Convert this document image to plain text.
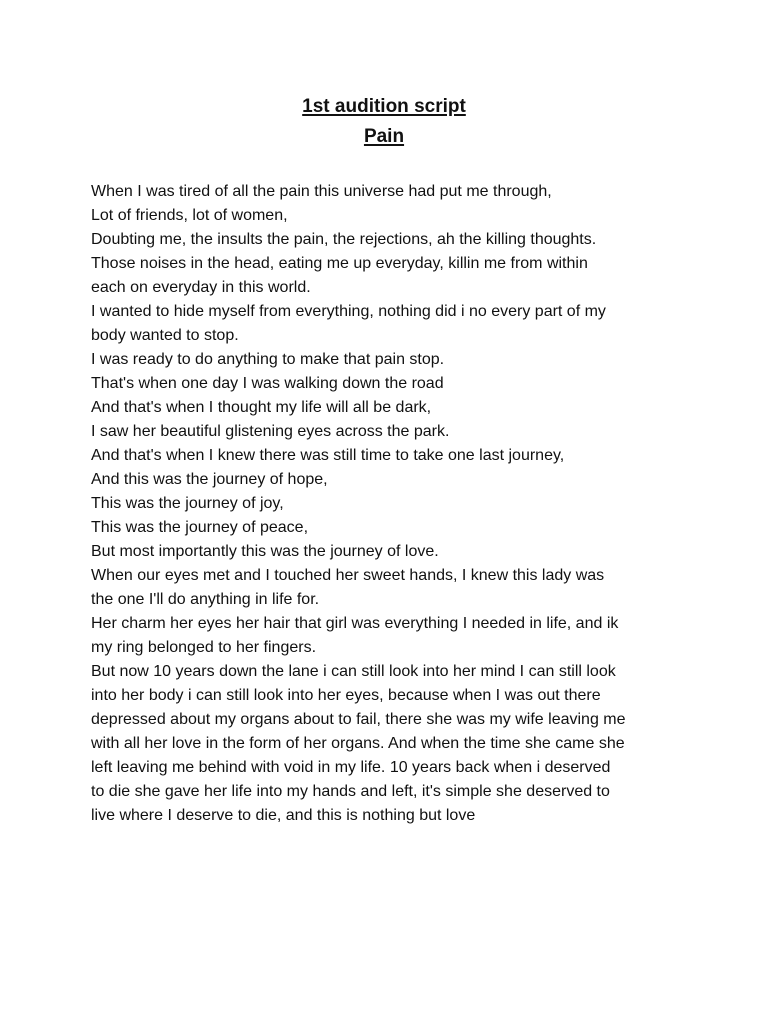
1st audition script
Pain
When I was tired of all the pain this universe had put me through,
Lot of friends, lot of women,
Doubting me, the insults the pain, the rejections, ah the killing thoughts.
Those noises in the head, eating me up everyday, killin me from within
each on everyday in this world.
I wanted to hide myself from everything, nothing did i no every part of my
body wanted to stop.
I was ready to do anything to make that pain stop.
That's when one day I was walking down the road
And that's when I thought my life will all be dark,
I saw her beautiful glistening eyes across the park.
And that's when I knew there was still time to take one last journey,
And this was the journey of hope,
This was the journey of joy,
This was the journey of peace,
But most importantly this was the journey of love.
When our eyes met and I touched her sweet hands, I knew this lady was
the one I'll do anything in life for.
Her charm her eyes her hair that girl was everything I needed in life, and ik
my ring belonged to her fingers.
But now 10 years down the lane i can still look into her mind I can still look
into her body i can still look into her eyes, because when I was out there
depressed about my organs about to fail, there she was my wife leaving me
with all her love in the form of her organs. And when the time she came she
left leaving me behind with void in my life. 10 years back when i deserved
to die she gave her life into my hands and left, it's simple she deserved to
live where I deserve to die, and this is nothing but love
